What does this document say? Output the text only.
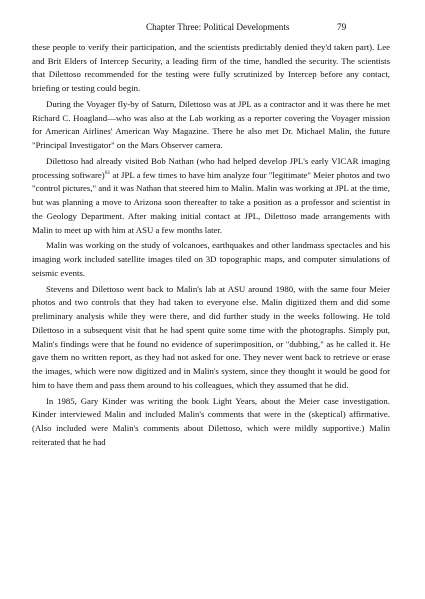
Chapter Three: Political Developments	79

these people to verify their participation, and the scientists predictably denied they'd taken part). Lee and Brit Elders of Intercep Security, a leading firm of the time, handled the security. The scientists that Dilettoso recommended for the testing were fully scrutinized by Intercep before any contact, briefing or testing could begin.

During the Voyager fly-by of Saturn, Dilettoso was at JPL as a contractor and it was there he met Richard C. Hoagland—who was also at the Lab working as a reporter covering the Voyager mission for American Airlines' American Way Magazine. There he also met Dr. Michael Malin, the future "Principal Investigator" on the Mars Observer camera.

Dilettoso had already visited Bob Nathan (who had helped develop JPL's early VICAR imaging processing software)$^{61}$ at JPL a few times to have him analyze four "legitimate" Meier photos and two "control pictures," and it was Nathan that steered him to Malin. Malin was working at JPL at the time, but was planning a move to Arizona soon thereafter to take a position as a professor and scientist in the Geology Department. After making initial contact at JPL, Dilettoso made arrangements with Malin to meet up with him at ASU a few months later.

Malin was working on the study of volcanoes, earthquakes and other landmass spectacles and his imaging work included satellite images tiled on 3D topographic maps, and computer simulations of seismic events.

Stevens and Dilettoso went back to Malin's lab at ASU around 1980, with the same four Meier photos and two controls that they had taken to everyone else. Malin digitized them and did some preliminary analysis while they were there, and did further study in the weeks following. He told Dilettoso in a subsequent visit that he had spent quite some time with the photographs. Simply put, Malin's findings were that he found no evidence of superimposition, or "dubbing," as he called it. He gave them no written report, as they had not asked for one. They never went back to retrieve or erase the images, which were now digitized and in Malin's system, since they thought it would be good for him to have them and pass them around to his colleagues, which they assumed that he did.

In 1985, Gary Kinder was writing the book Light Years, about the Meier case investigation. Kinder interviewed Malin and included Malin's comments that were in the (skeptical) affirmative. (Also included were Malin's comments about Dilettoso, which were mildly supportive.) Malin reiterated that he had
